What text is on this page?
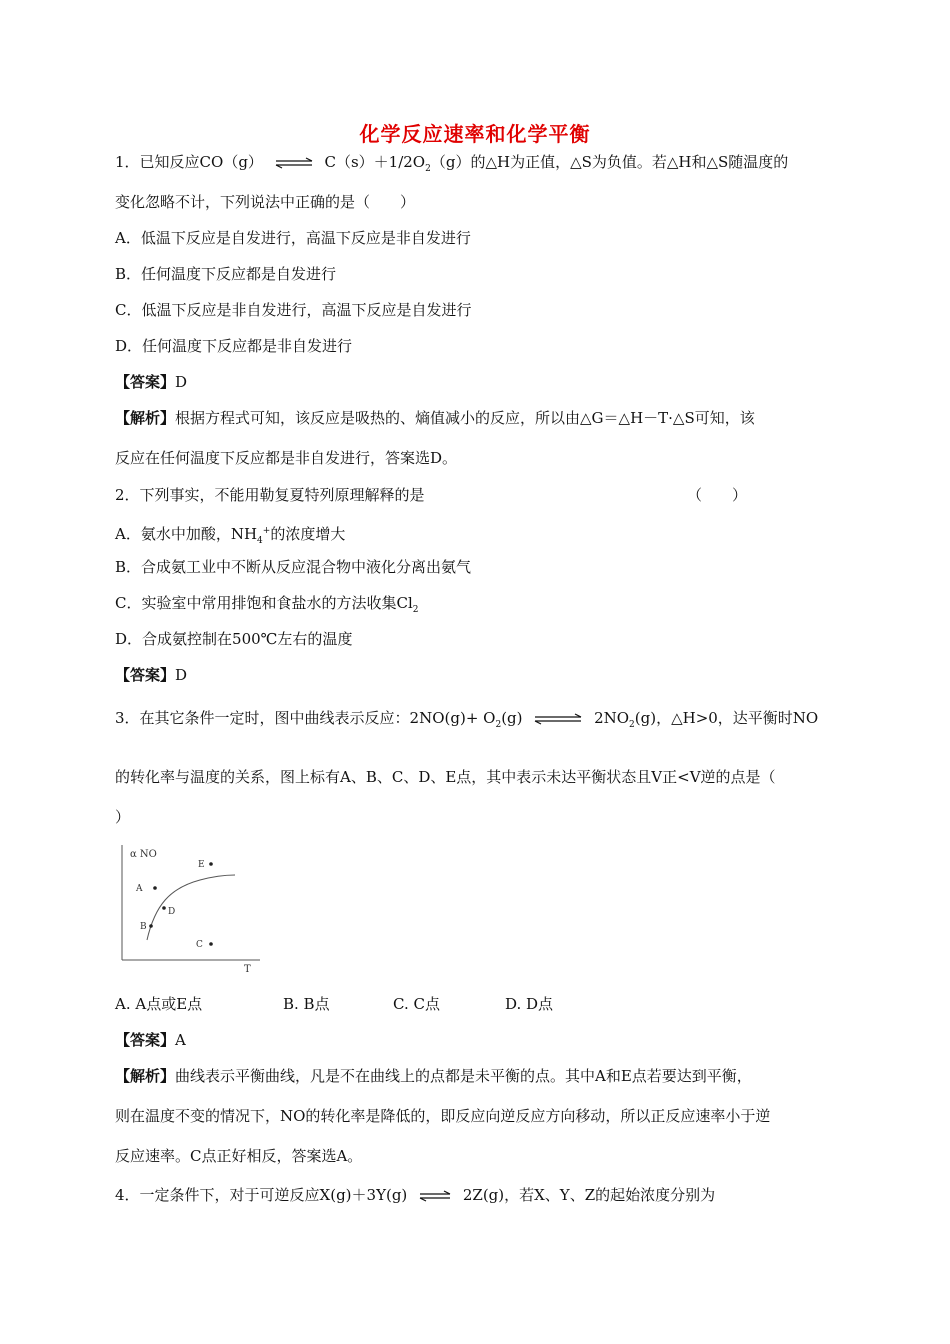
化学反应速率和化学平衡
1．已知反应CO（g） ⇌ $C(s)+1/2O_2(g)$的△H为正值，△S为负值。若△H和△S随温度的
变化忽略不计，下列说法中正确的是（　　）
A．低温下反应是自发进行，高温下反应是非自发进行
B．任何温度下反应都是自发进行
C．低温下反应是非自发进行，高温下反应是自发进行
D．任何温度下反应都是非自发进行
【答案】D
【解析】根据方程式可知，该反应是吸热的、熵值减小的反应，所以由△G＝△H－T·△S可知，该
反应在任何温度下反应都是非自发进行，答案选D。
2．下列事实，不能用勒复夏特列原理解释的是	（　　）
A．氨水中加酸，$NH_4^+$的浓度增大
B．合成氨工业中不断从反应混合物中液化分离出氨气
C．实验室中常用排饱和食盐水的方法收集$Cl_2$
D．合成氨控制在500℃左右的温度
【答案】D
3．在其它条件一定时，图中曲线表示反应：$2NO(g)+ O_2(g)$ ⇌ $2NO_2(g)$，△H>0，达平衡时NO
的转化率与温度的关系，图上标有A、B、C、D、E点，其中表示未达平衡状态且V正<V逆的点是（
）
α NO
T
A
B
C
D
E
A. A点或E点	B. B点	C. C点	D. D点
【答案】A
【解析】曲线表示平衡曲线，凡是不在曲线上的点都是未平衡的点。其中A和E点若要达到平衡，
则在温度不变的情况下，NO的转化率是降低的，即反应向逆反应方向移动，所以正反应速率小于逆
反应速率。C点正好相反，答案选A。
4．一定条件下，对于可逆反应X(g)＋3Y(g) ⇌ 2Z(g)，若X、Y、Z的起始浓度分别为
